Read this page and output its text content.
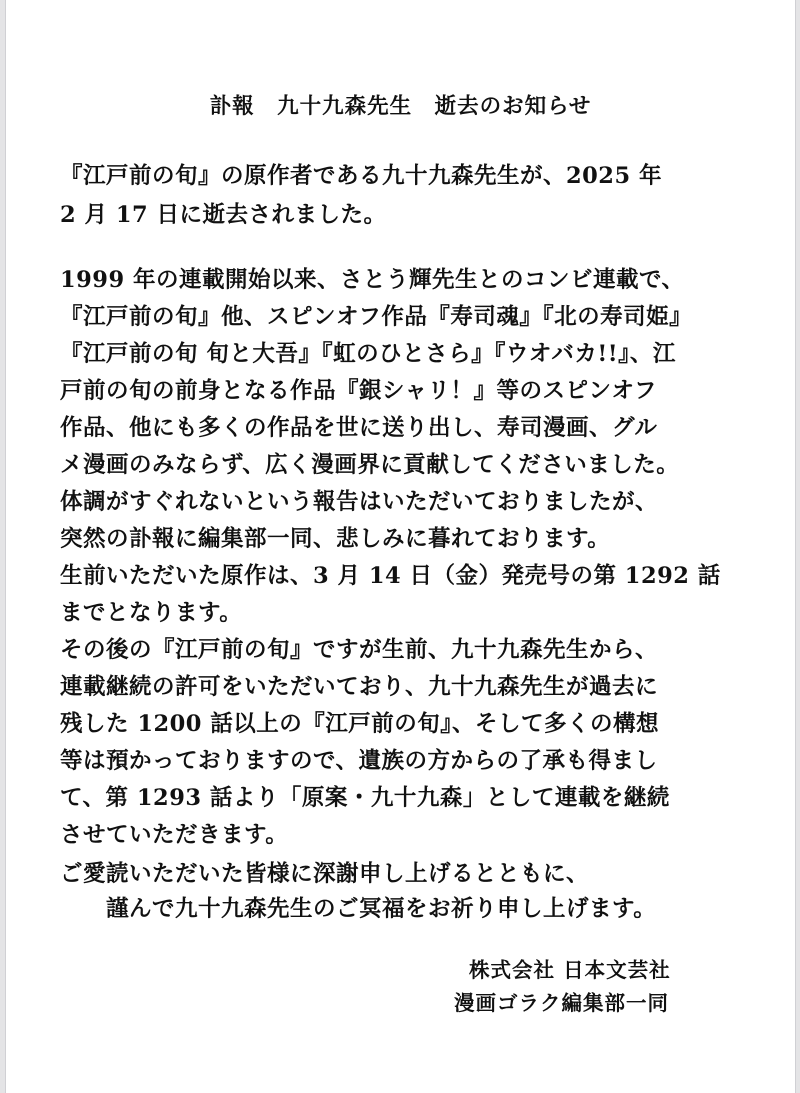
訃報　九十九森先生　逝去のお知らせ
『江戸前の旬』の原作者である九十九森先生が、2025 年
2 月 17 日に逝去されました。
1999 年の連載開始以来、さとう輝先生とのコンビ連載で、
『江戸前の旬』他、スピンオフ作品『寿司魂』『北の寿司姫』
『江戸前の旬 旬と大吾』『虹のひとさら』『ウオバカ!!』、江
戸前の旬の前身となる作品『銀シャリ！』等のスピンオフ
作品、他にも多くの作品を世に送り出し、寿司漫画、グル
メ漫画のみならず、広く漫画界に貢献してくださいました。
体調がすぐれないという報告はいただいておりましたが、
突然の訃報に編集部一同、悲しみに暮れております。
生前いただいた原作は、3 月 14 日（金）発売号の第 1292 話
までとなります。
その後の『江戸前の旬』ですが生前、九十九森先生から、
連載継続の許可をいただいており、九十九森先生が過去に
残した 1200 話以上の『江戸前の旬』、そして多くの構想
等は預かっておりますので、遺族の方からの了承も得まし
て、第 1293 話より「原案・九十九森」として連載を継続
させていただきます。
ご愛読いただいた皆様に深謝申し上げるとともに、
謹んで九十九森先生のご冥福をお祈り申し上げます。
株式会社 日本文芸社
漫画ゴラク編集部一同
